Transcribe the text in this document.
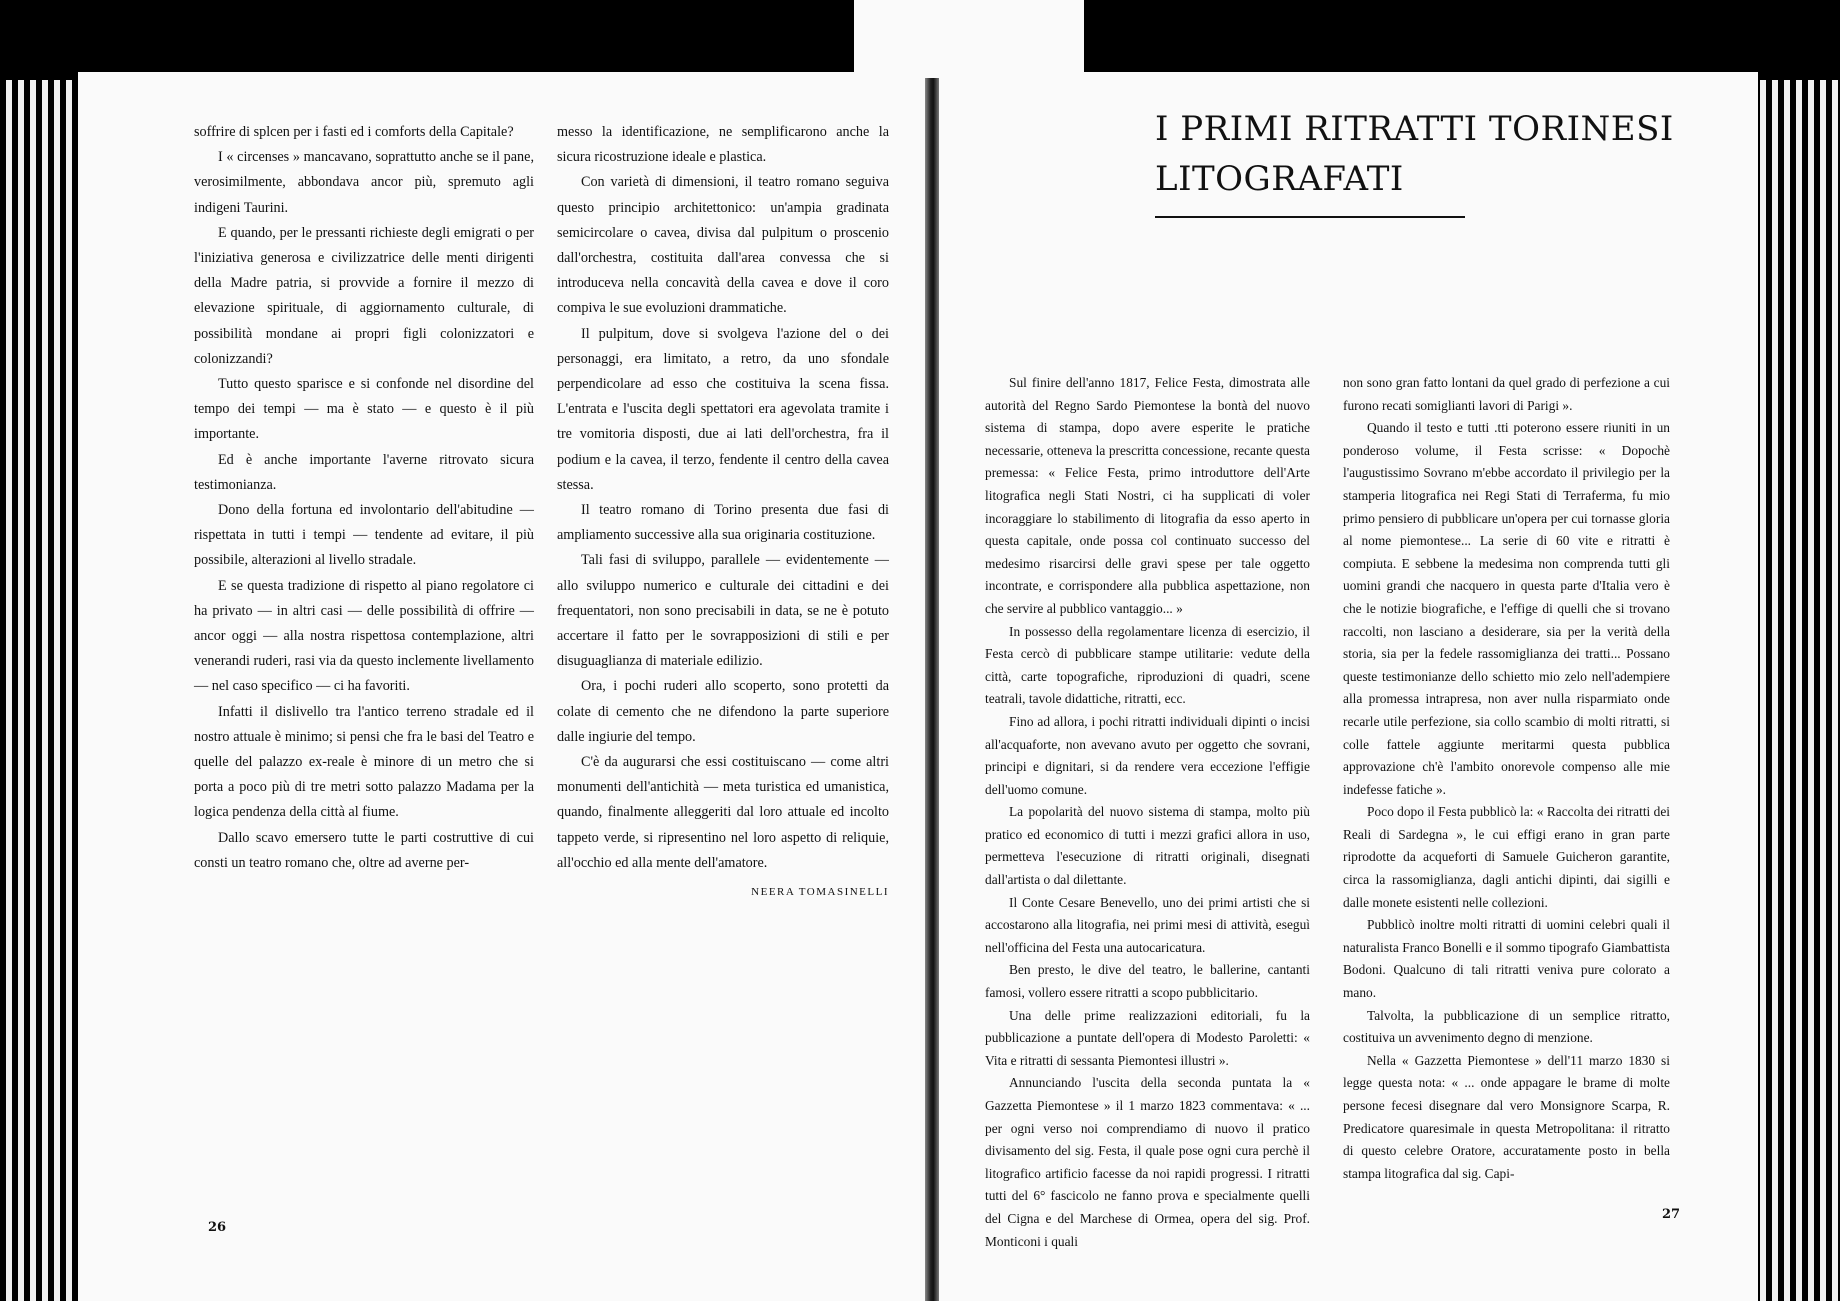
soffrire di splcen per i fasti ed i comforts della Capitale?

I « circenses » mancavano, soprattutto anche se il pane, verosimilmente, abbondava ancor più, spremuto agli indigeni Taurini.

E quando, per le pressanti richieste degli emigrati o per l'iniziativa generosa e civilizzatrice delle menti dirigenti della Madre patria, si provvide a fornire il mezzo di elevazione spirituale, di aggiornamento culturale, di possibilità mondane ai propri figli colonizzatori e colonizzandi?

Tutto questo sparisce e si confonde nel disordine del tempo dei tempi — ma è stato — e questo è il più importante.

Ed è anche importante l'averne ritrovato sicura testimonianza.

Dono della fortuna ed involontario dell'abitudine — rispettata in tutti i tempi — tendente ad evitare, il più possibile, alterazioni al livello stradale.

E se questa tradizione di rispetto al piano regolatore ci ha privato — in altri casi — delle possibilità di offrire — ancor oggi — alla nostra rispettosa contemplazione, altri venerandi ruderi, rasi via da questo inclemente livellamento — nel caso specifico — ci ha favoriti.

Infatti il dislivello tra l'antico terreno stradale ed il nostro attuale è minimo; si pensi che fra le basi del Teatro e quelle del palazzo ex-reale è minore di un metro che si porta a poco più di tre metri sotto palazzo Madama per la logica pendenza della città al fiume.

Dallo scavo emersero tutte le parti costruttive di cui consti un teatro romano che, oltre ad averne per-

messo la identificazione, ne semplificarono anche la sicura ricostruzione ideale e plastica.

Con varietà di dimensioni, il teatro romano seguiva questo principio architettonico: un'ampia gradinata semicircolare o cavea, divisa dal pulpitum o proscenio dall'orchestra, costituita dall'area convessa che si introduceva nella concavità della cavea e dove il coro compiva le sue evoluzioni drammatiche.

Il pulpitum, dove si svolgeva l'azione del o dei personaggi, era limitato, a retro, da uno sfondale perpendicolare ad esso che costituiva la scena fissa. L'entrata e l'uscita degli spettatori era agevolata tramite i tre vomitoria disposti, due ai lati dell'orchestra, fra il podium e la cavea, il terzo, fendente il centro della cavea stessa.

Il teatro romano di Torino presenta due fasi di ampliamento successive alla sua originaria costituzione.

Tali fasi di sviluppo, parallele — evidentemente — allo sviluppo numerico e culturale dei cittadini e dei frequentatori, non sono precisabili in data, se ne è potuto accertare il fatto per le sovrapposizioni di stili e per disuguaglianza di materiale edilizio.

Ora, i pochi ruderi allo scoperto, sono protetti da colate di cemento che ne difendono la parte superiore dalle ingiurie del tempo.

C'è da augurarsi che essi costituiscano — come altri monumenti dell'antichità — meta turistica ed umanistica, quando, finalmente alleggeriti dal loro attuale ed incolto tappeto verde, si ripresentino nel loro aspetto di reliquie, all'occhio ed alla mente dell'amatore.

NEERA TOMASINELLI
26
I PRIMI RITRATTI TORINESI
LITOGRAFATI

Sul finire dell'anno 1817, Felice Festa, dimostrata alle autorità del Regno Sardo Piemontese la bontà del nuovo sistema di stampa, dopo avere esperite le pratiche necessarie, otteneva la prescritta concessione, recante questa premessa: « Felice Festa, primo introduttore dell'Arte litografica negli Stati Nostri, ci ha supplicati di voler incoraggiare lo stabilimento di litografia da esso aperto in questa capitale, onde possa col continuato successo del medesimo risarcirsi delle gravi spese per tale oggetto incontrate, e corrispondere alla pubblica aspettazione, non che servire al pubblico vantaggio... »

In possesso della regolamentare licenza di esercizio, il Festa cercò di pubblicare stampe utilitarie: vedute della città, carte topografiche, riproduzioni di quadri, scene teatrali, tavole didattiche, ritratti, ecc.

Fino ad allora, i pochi ritratti individuali dipinti o incisi all'acquaforte, non avevano avuto per oggetto che sovrani, principi e dignitari, si da rendere vera eccezione l'effigie dell'uomo comune.

La popolarità del nuovo sistema di stampa, molto più pratico ed economico di tutti i mezzi grafici allora in uso, permetteva l'esecuzione di ritratti originali, disegnati dall'artista o dal dilettante.

Il Conte Cesare Benevello, uno dei primi artisti che si accostarono alla litografia, nei primi mesi di attività, eseguì nell'officina del Festa una autocaricatura.

Ben presto, le dive del teatro, le ballerine, cantanti famosi, vollero essere ritratti a scopo pubblicitario.

Una delle prime realizzazioni editoriali, fu la pubblicazione a puntate dell'opera di Modesto Paroletti: « Vita e ritratti di sessanta Piemontesi illustri ».

Annunciando l'uscita della seconda puntata la « Gazzetta Piemontese » il 1 marzo 1823 commentava: « ... per ogni verso noi comprendiamo di nuovo il pratico divisamento del sig. Festa, il quale pose ogni cura perchè il litografico artificio facesse da noi rapidi progressi. I ritratti tutti del 6° fascicolo ne fanno prova e specialmente quelli del Cigna e del Marchese di Ormea, opera del sig. Prof. Monticoni i quali

non sono gran fatto lontani da quel grado di perfezione a cui furono recati somiglianti lavori di Parigi ».

Quando il testo e tutti .tti poterono essere riuniti in un ponderoso volume, il Festa scrisse: « Dopochè l'augustissimo Sovrano m'ebbe accordato il privilegio per la stamperia litografica nei Regi Stati di Terraferma, fu mio primo pensiero di pubblicare un'opera per cui tornasse gloria al nome piemontese... La serie di 60 vite e ritratti è compiuta. E sebbene la medesima non comprenda tutti gli uomini grandi che nacquero in questa parte d'Italia vero è che le notizie biografiche, e l'effige di quelli che si trovano raccolti, non lasciano a desiderare, sia per la verità della storia, sia per la fedele rassomiglianza dei tratti... Possano queste testimonianze dello schietto mio zelo nell'adempiere alla promessa intrapresa, non aver nulla risparmiato onde recarle utile perfezione, sia collo scambio di molti ritratti, si colle fattele aggiunte meritarmi questa pubblica approvazione ch'è l'ambito onorevole compenso alle mie indefesse fatiche ».

Poco dopo il Festa pubblicò la: « Raccolta dei ritratti dei Reali di Sardegna », le cui effigi erano in gran parte riprodotte da acqueforti di Samuele Guicheron garantite, circa la rassomiglianza, dagli antichi dipinti, dai sigilli e dalle monete esistenti nelle collezioni.

Pubblicò inoltre molti ritratti di uomini celebri quali il naturalista Franco Bonelli e il sommo tipografo Giambattista Bodoni. Qualcuno di tali ritratti veniva pure colorato a mano.

Talvolta, la pubblicazione di un semplice ritratto, costituiva un avvenimento degno di menzione.

Nella « Gazzetta Piemontese » dell'11 marzo 1830 si legge questa nota: « ... onde appagare le brame di molte persone fecesi disegnare dal vero Monsignore Scarpa, R. Predicatore quaresimale in questa Metropolitana: il ritratto di questo celebre Oratore, accuratamente posto in bella stampa litografica dal sig. Capi-

27
